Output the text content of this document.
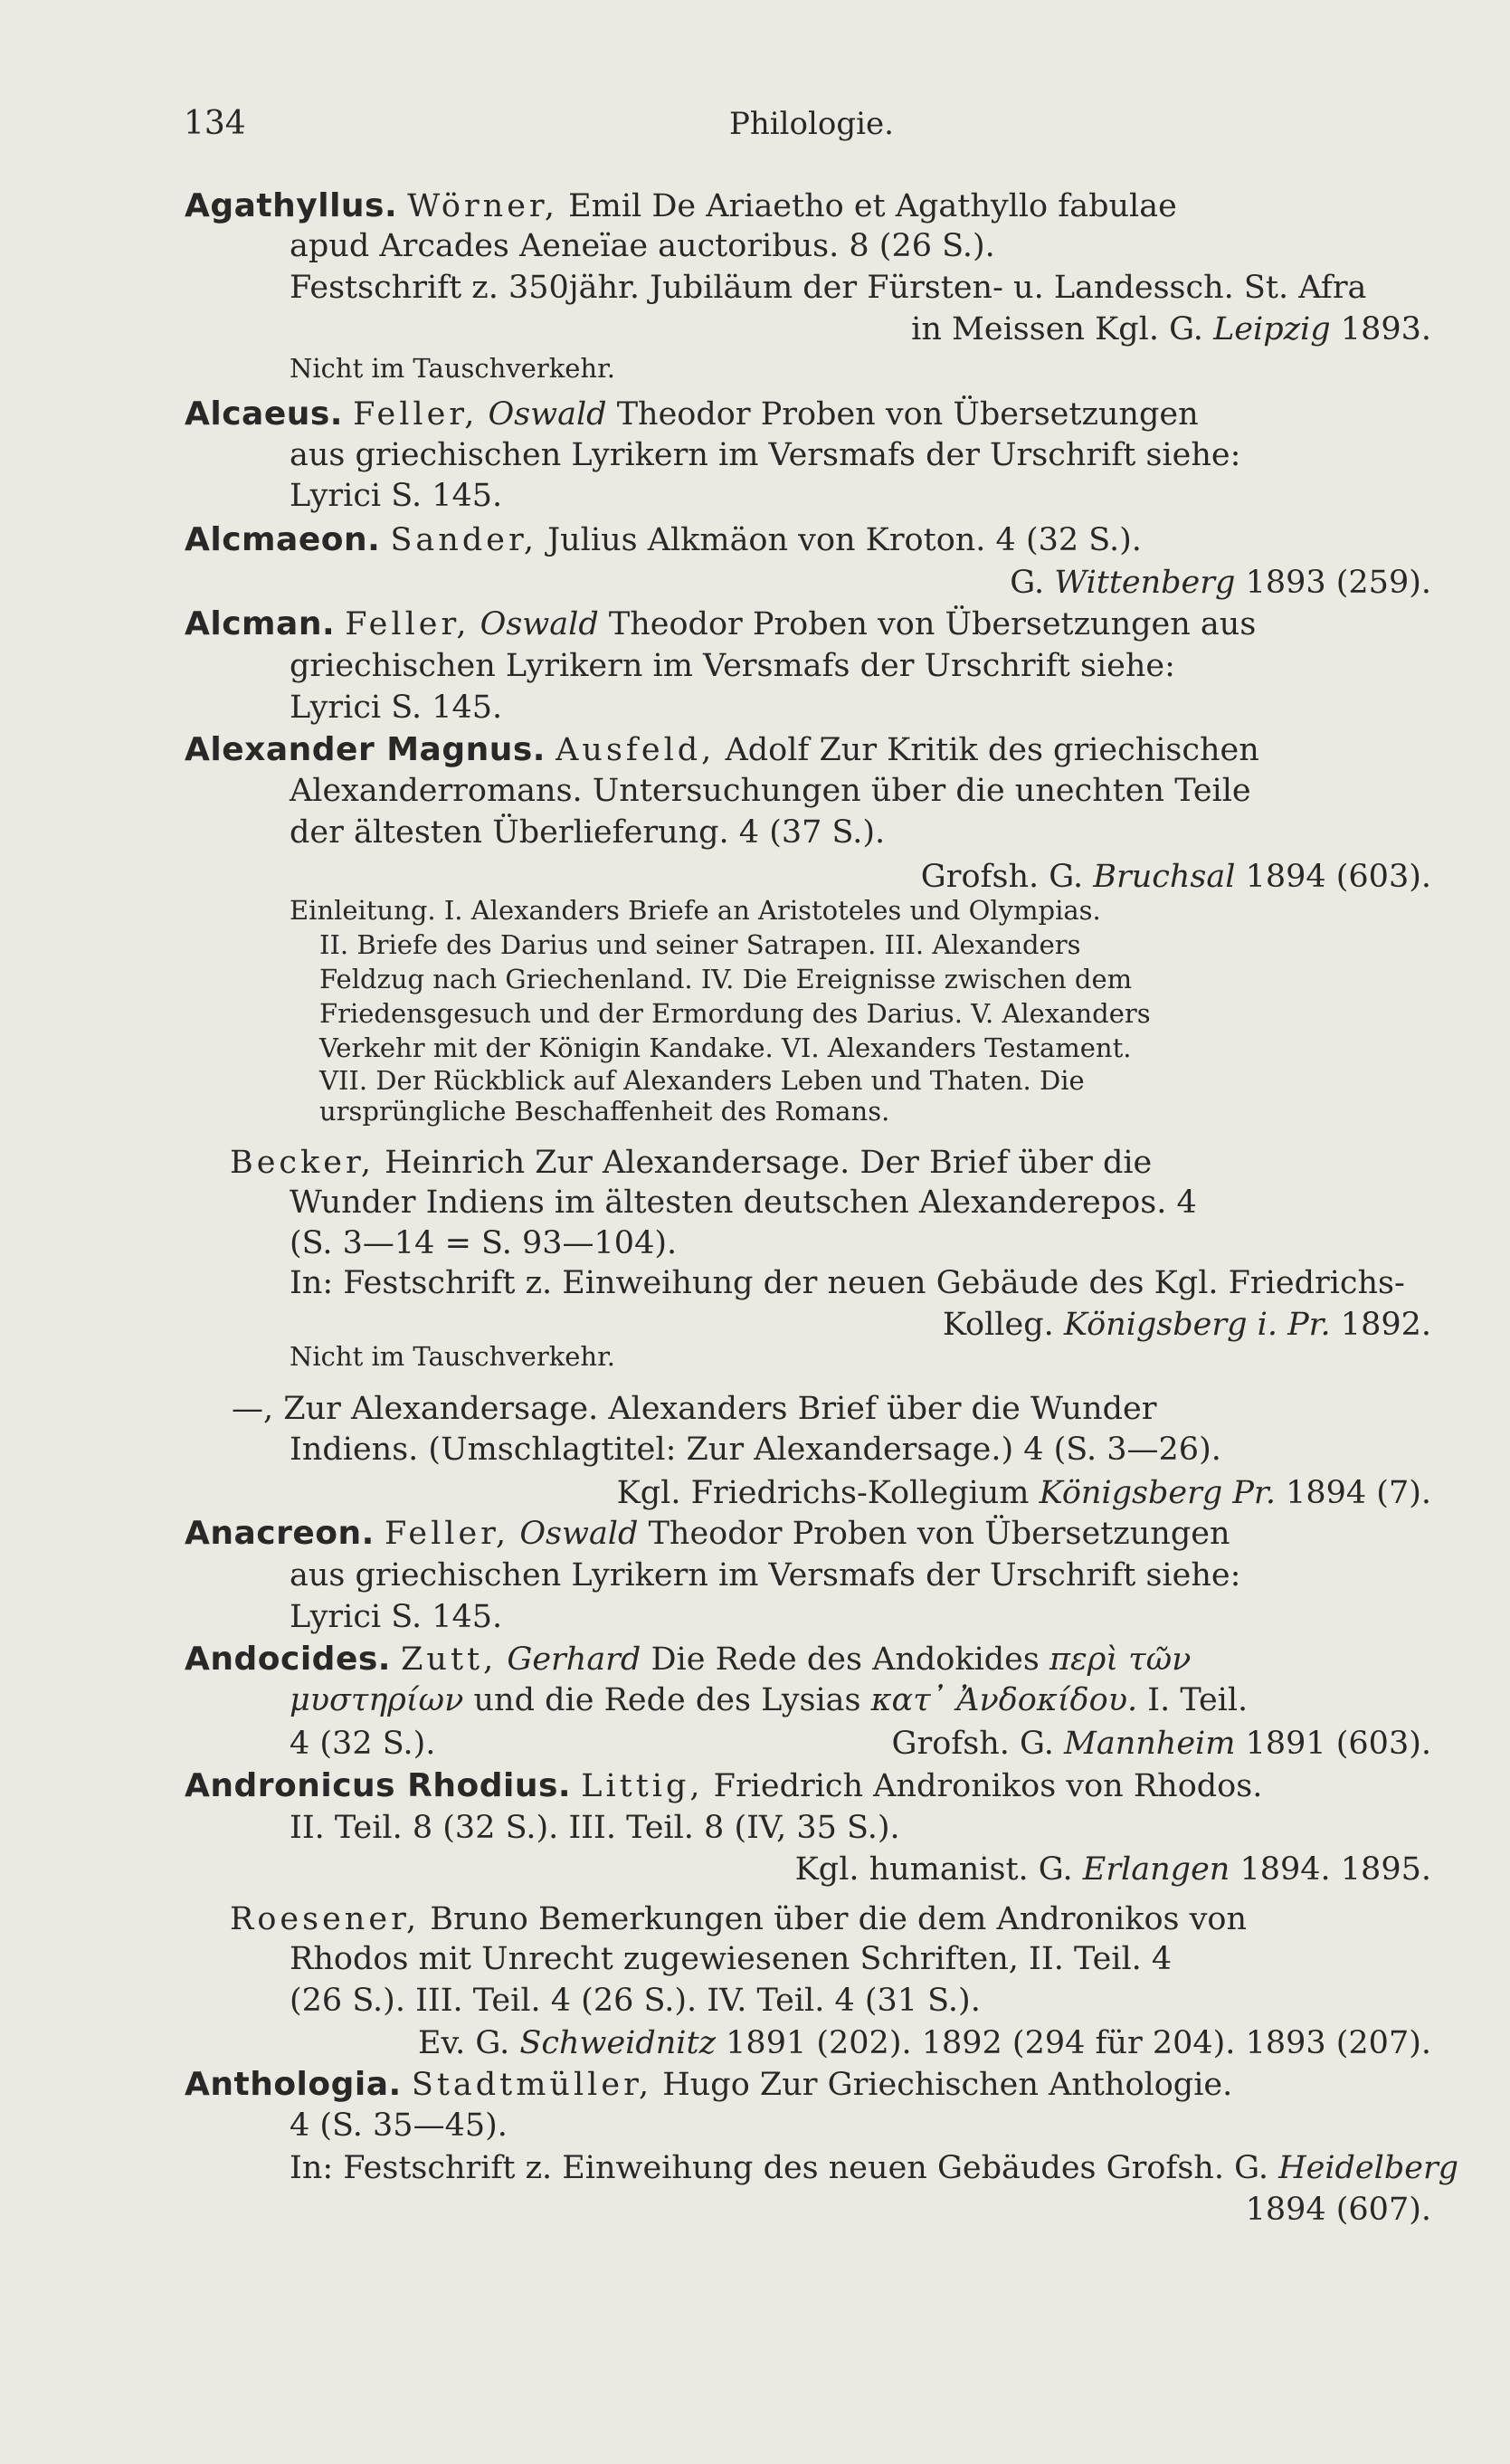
134	Philologie.
Agathyllus. Wörner, Emil De Ariaetho et Agathyllo fabulae
apud Arcades Aeneïae auctoribus. 8 (26 S.).
Festschrift z. 350jähr. Jubiläum der Fürsten- u. Landessch. St. Afra
in Meissen Kgl. G. Leipzig 1893.
Nicht im Tauschverkehr.
Alcaeus. Feller, Oswald Theodor Proben von Übersetzungen
aus griechischen Lyrikern im Versmafs der Urschrift siehe:
Lyrici S. 145.
Alcmaeon. Sander, Julius Alkmäon von Kroton. 4 (32 S.).
G. Wittenberg 1893 (259).
Alcman. Feller, Oswald Theodor Proben von Übersetzungen aus
griechischen Lyrikern im Versmafs der Urschrift siehe:
Lyrici S. 145.
Alexander Magnus. Ausfeld, Adolf Zur Kritik des griechischen
Alexanderromans. Untersuchungen über die unechten Teile
der ältesten Überlieferung. 4 (37 S.).
Grofsh. G. Bruchsal 1894 (603).
Einleitung. I. Alexanders Briefe an Aristoteles und Olympias.
II. Briefe des Darius und seiner Satrapen. III. Alexanders
Feldzug nach Griechenland. IV. Die Ereignisse zwischen dem
Friedensgesuch und der Ermordung des Darius. V. Alexanders
Verkehr mit der Königin Kandake. VI. Alexanders Testament.
VII. Der Rückblick auf Alexanders Leben und Thaten. Die
ursprüngliche Beschaffenheit des Romans.
Becker, Heinrich Zur Alexandersage. Der Brief über die
Wunder Indiens im ältesten deutschen Alexanderepos. 4
(S. 3—14 = S. 93—104).
In: Festschrift z. Einweihung der neuen Gebäude des Kgl. Friedrichs-
Kolleg. Königsberg i. Pr. 1892.
Nicht im Tauschverkehr.
—, Zur Alexandersage. Alexanders Brief über die Wunder
Indiens. (Umschlagtitel: Zur Alexandersage.) 4 (S. 3—26).
Kgl. Friedrichs-Kollegium Königsberg Pr. 1894 (7).
Anacreon. Feller, Oswald Theodor Proben von Übersetzungen
aus griechischen Lyrikern im Versmafs der Urschrift siehe:
Lyrici S. 145.
Andocides. Zutt, Gerhard Die Rede des Andokides περὶ τῶν
μυστηρίων und die Rede des Lysias κατ᾿ Ἀνδοκίδου. I. Teil.
4 (32 S.).	Grofsh. G. Mannheim 1891 (603).
Andronicus Rhodius. Littig, Friedrich Andronikos von Rhodos.
II. Teil. 8 (32 S.). III. Teil. 8 (IV, 35 S.).
Kgl. humanist. G. Erlangen 1894. 1895.
Roesener, Bruno Bemerkungen über die dem Andronikos von
Rhodos mit Unrecht zugewiesenen Schriften, II. Teil. 4
(26 S.). III. Teil. 4 (26 S.). IV. Teil. 4 (31 S.).
Ev. G. Schweidnitz 1891 (202). 1892 (294 für 204). 1893 (207).
Anthologia. Stadtmüller, Hugo Zur Griechischen Anthologie.
4 (S. 35—45).
In: Festschrift z. Einweihung des neuen Gebäudes Grofsh. G. Heidelberg
1894 (607).
